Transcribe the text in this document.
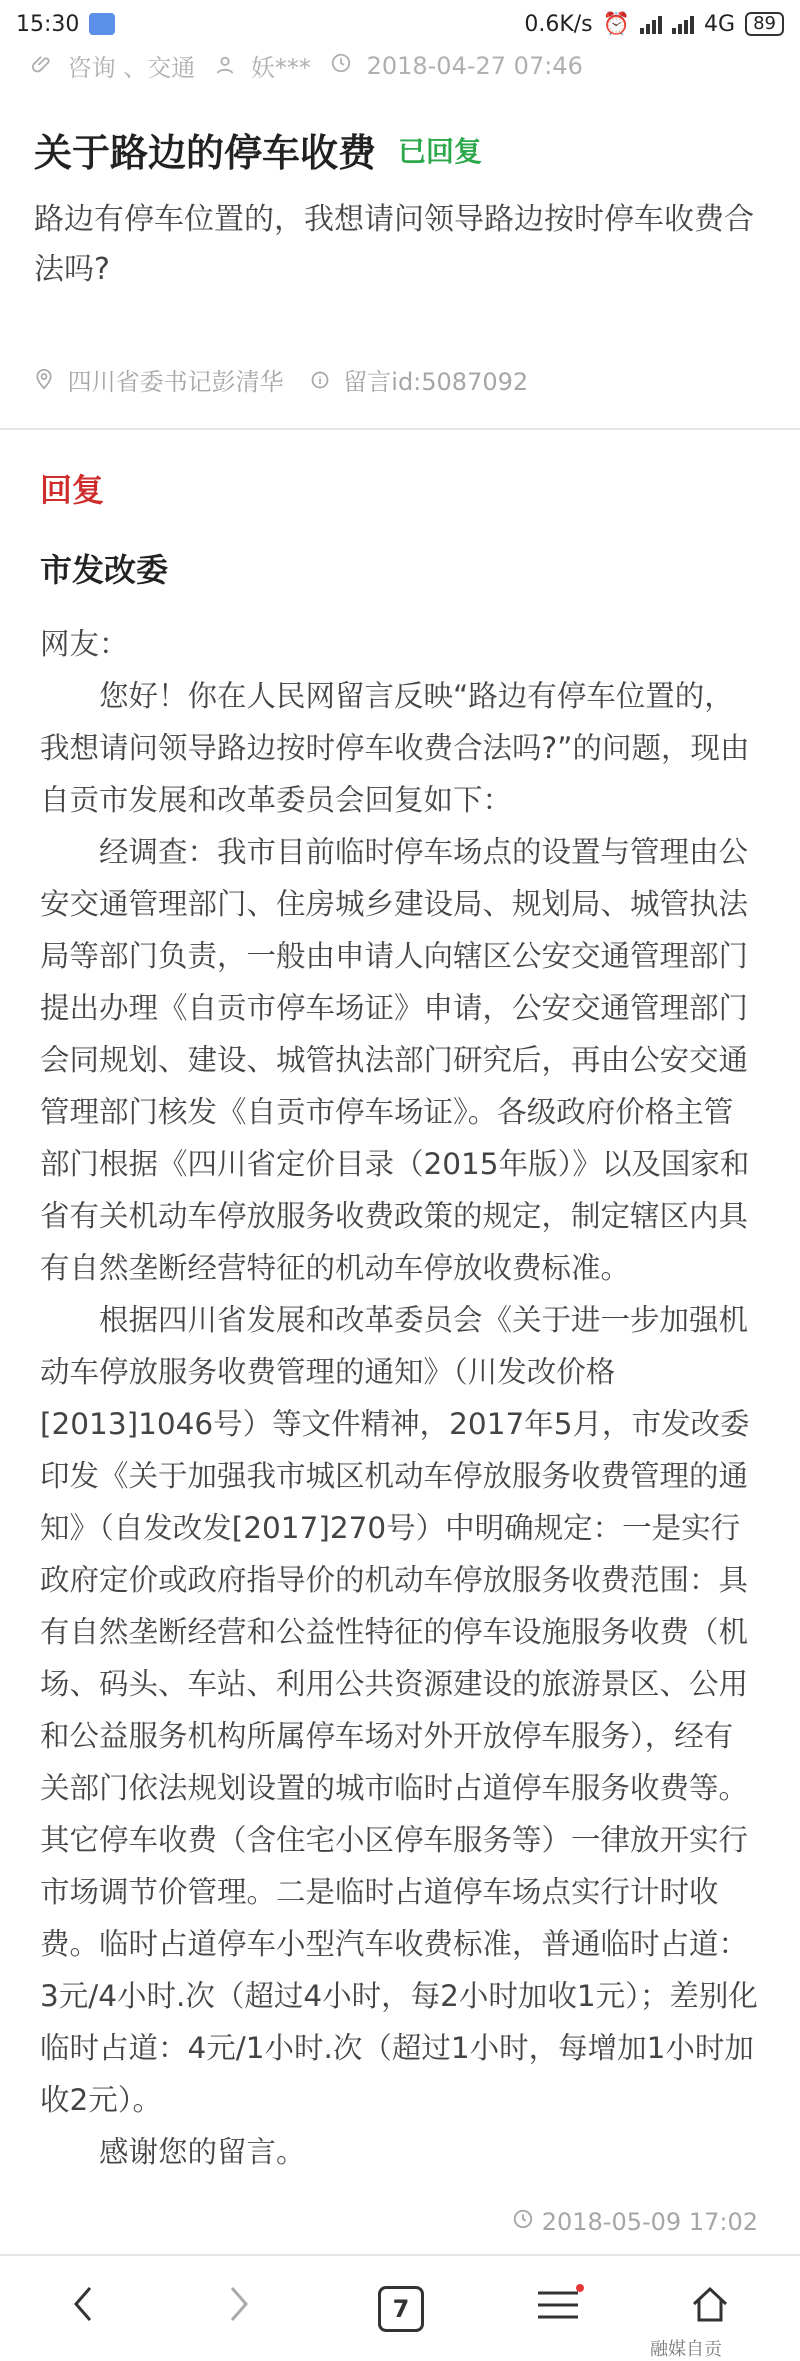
15:30	0.6K/s ⏰	4G	89
咨询 、交通	妖***	2018-04-27 07:46
关于路边的停车收费 已回复
路边有停车位置的，我想请问领导路边按时停车收费合法吗?
四川省委书记彭清华	留言id:5087092
回复
市发改委

网友：

您好！你在人民网留言反映“路边有停车位置的，我想请问领导路边按时停车收费合法吗?”的问题，现由自贡市发展和改革委员会回复如下：

经调查：我市目前临时停车场点的设置与管理由公安交通管理部门、住房城乡建设局、规划局、城管执法局等部门负责，一般由申请人向辖区公安交通管理部门提出办理《自贡市停车场证》申请，公安交通管理部门会同规划、建设、城管执法部门研究后，再由公安交通管理部门核发《自贡市停车场证》。各级政府价格主管部门根据《四川省定价目录（2015年版）》以及国家和省有关机动车停放服务收费政策的规定，制定辖区内具有自然垄断经营特征的机动车停放收费标准。

根据四川省发展和改革委员会《关于进一步加强机动车停放服务收费管理的通知》（川发改价格[2013]1046号）等文件精神，2017年5月，市发改委印发《关于加强我市城区机动车停放服务收费管理的通知》（自发改发[2017]270号）中明确规定：一是实行政府定价或政府指导价的机动车停放服务收费范围：具有自然垄断经营和公益性特征的停车设施服务收费（机场、码头、车站、利用公共资源建设的旅游景区、公用和公益服务机构所属停车场对外开放停车服务），经有关部门依法规划设置的城市临时占道停车服务收费等。其它停车收费（含住宅小区停车服务等）一律放开实行市场调节价管理。二是临时占道停车场点实行计时收费。临时占道停车小型汽车收费标准，普通临时占道：3元/4小时.次（超过4小时，每2小时加收1元）；差别化临时占道：4元/1小时.次（超过1小时，每增加1小时加收2元）。

感谢您的留言。

2018-05-09 17:02
7
融媒自贡
